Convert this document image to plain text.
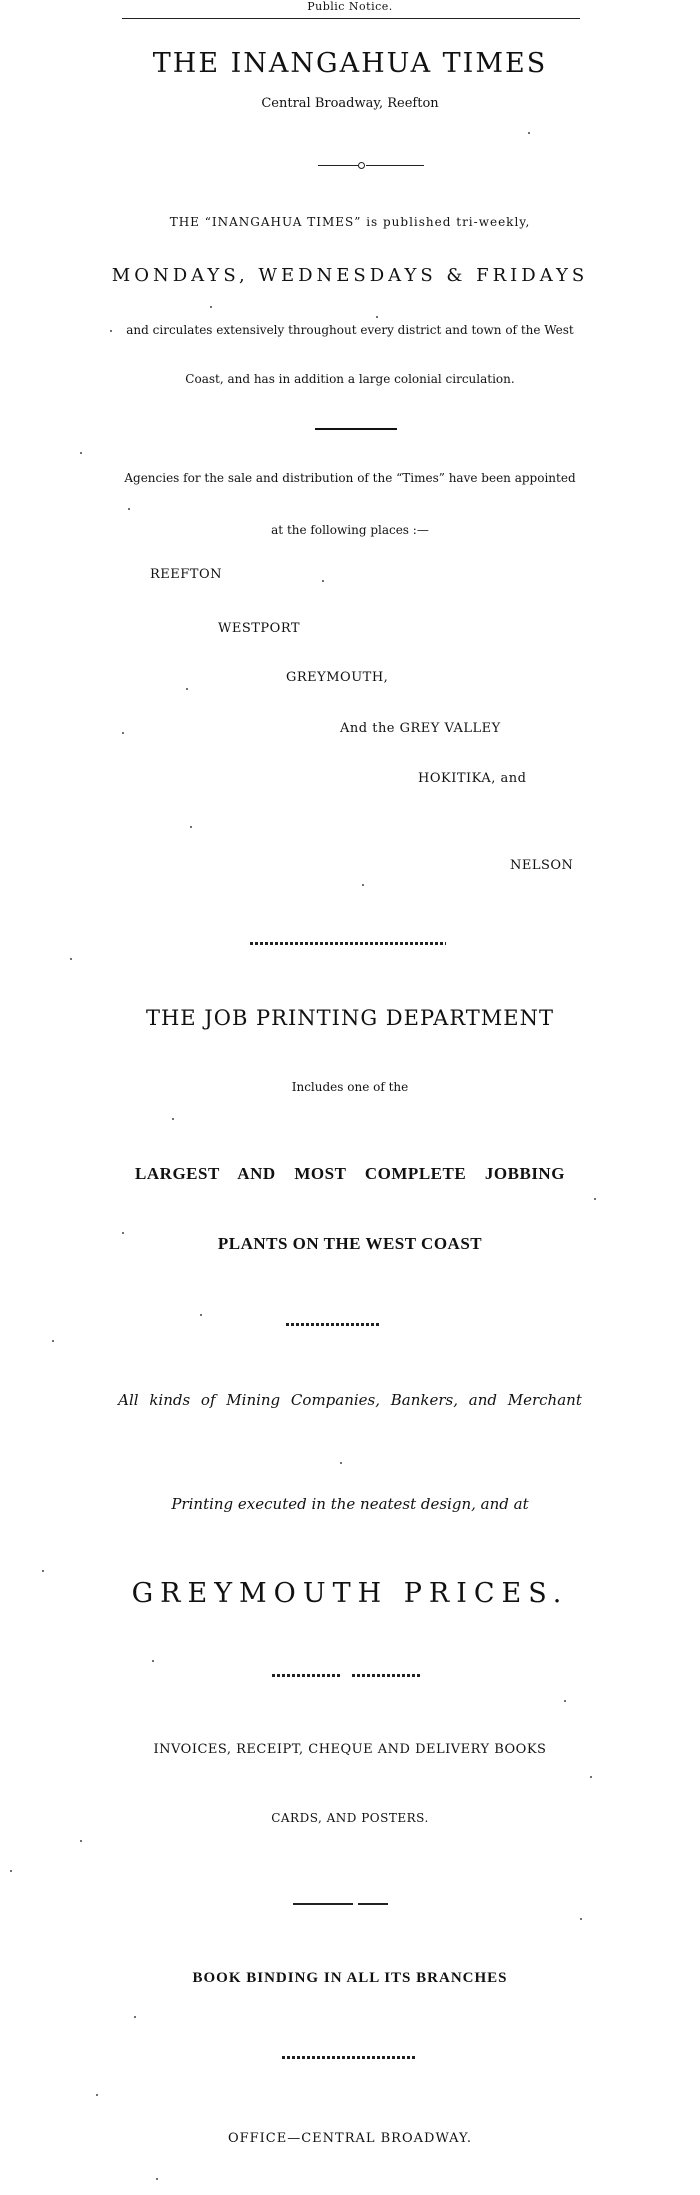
Public Notice.
THE INANGAHUA TIMES
Central Broadway, Reefton
THE “INANGAHUA TIMES” is published tri-weekly,
MONDAYS, WEDNESDAYS & FRIDAYS
and circulates extensively throughout every district and town of the West
Coast, and has in addition a large colonial circulation.
Agencies for the sale and distribution of the “Times” have been appointed
at the following places :—
REEFTON
WESTPORT
GREYMOUTH,
And the GREY VALLEY
HOKITIKA, and
NELSON
THE JOB PRINTING DEPARTMENT
Includes one of the
LARGEST AND MOST COMPLETE JOBBING
PLANTS ON THE WEST COAST
All kinds of Mining Companies, Bankers, and Merchant
Printing executed in the neatest design, and at
GREYMOUTH PRICES.
INVOICES, RECEIPT, CHEQUE AND DELIVERY BOOKS
CARDS, AND POSTERS.
BOOK BINDING IN ALL ITS BRANCHES
OFFICE—CENTRAL BROADWAY.
